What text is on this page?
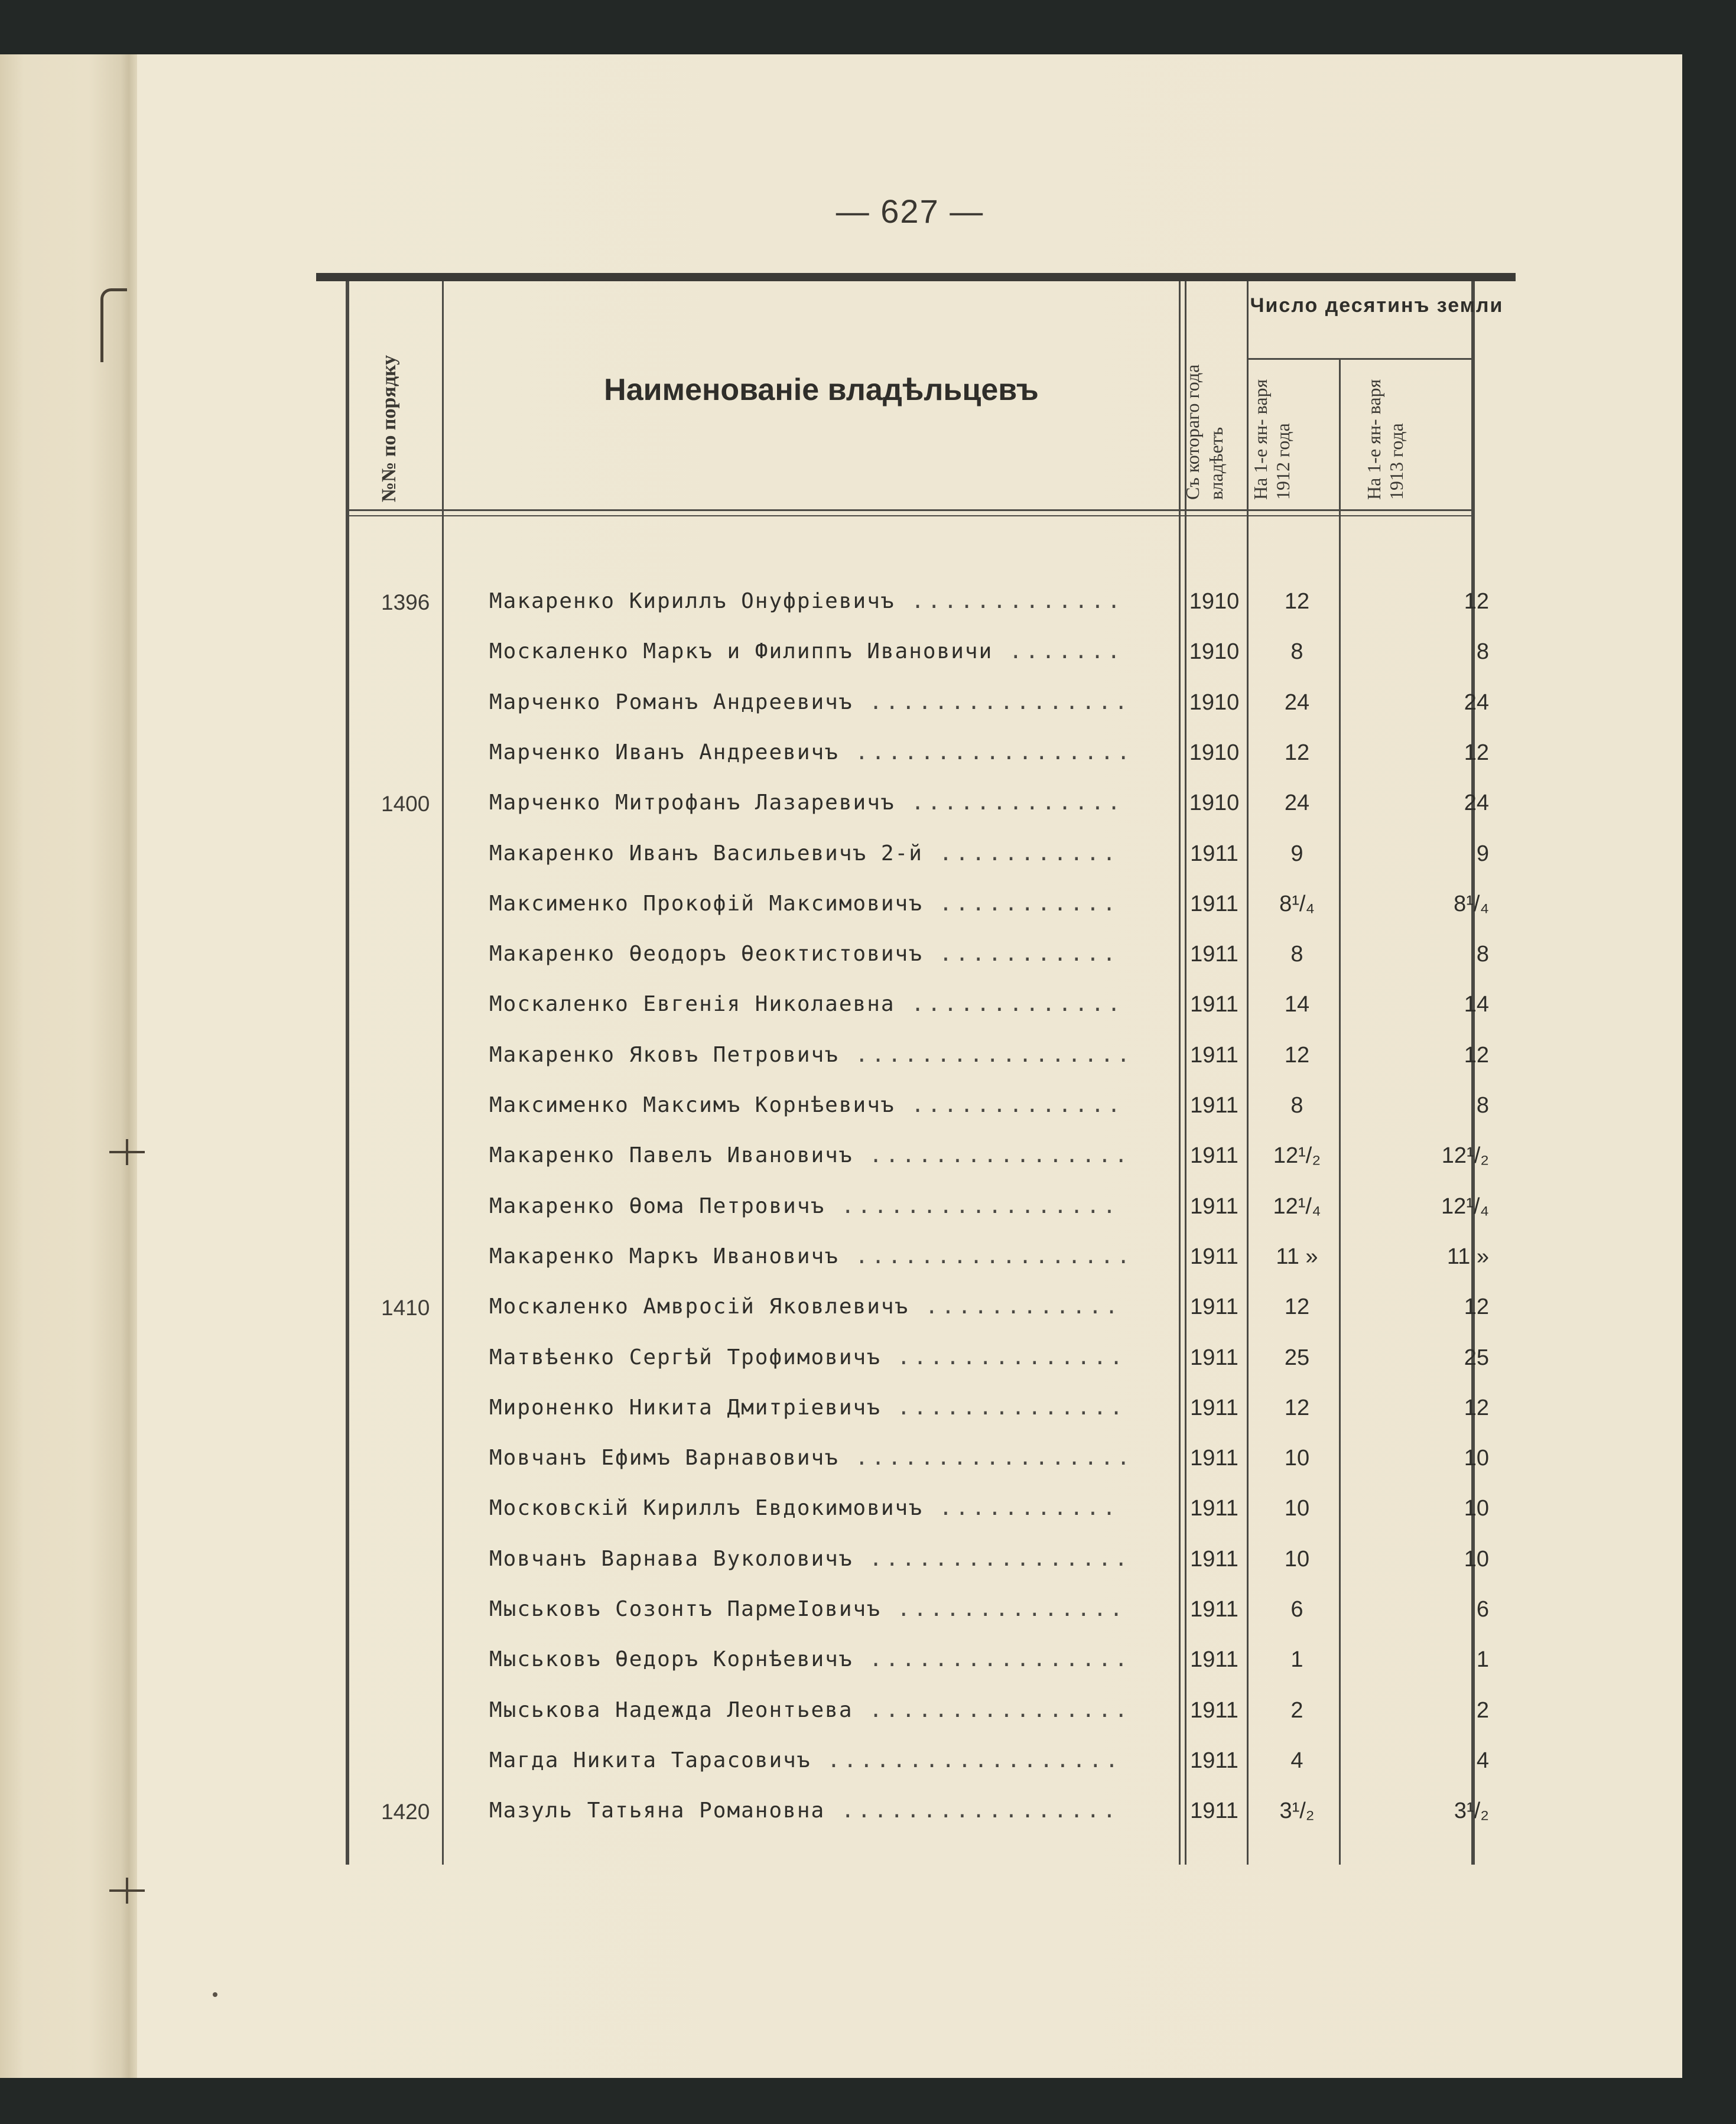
— 627 —
№№ по порядку	Наименованіе владѣльцевъ	Съ котораго года владѣетъ
Число десятинъ земли
На 1-е ян- варя 1912 года	На 1-е ян- варя 1913 года
1396	Макаренко Кириллъ Онуфріевичъ .............	1910	12	12
Москаленко Маркъ и Филиппъ Ивановичи .......	1910	8	8
Марченко Романъ Андреевичъ ................	1910	24	24
Марченко Иванъ Андреевичъ .................	1910	12	12
1400	Марченко Митрофанъ Лазаревичъ .............	1910	24	24
Макаренко Иванъ Васильевичъ 2-й ...........	1911	9	9
Максименко Прокофій Максимовичъ ...........	1911	8¹/₄	8¹/₄
Макаренко Ѳеодоръ Ѳеоктистовичъ ...........	1911	8	8
Москаленко Евгенія Николаевна .............	1911	14	14
Макаренко Яковъ Петровичъ .................	1911	12	12
Максименко Максимъ Корнѣевичъ .............	1911	8	8
Макаренко Павелъ Ивановичъ ................	1911	12¹/₂	12¹/₂
Макаренко Ѳома Петровичъ .................	1911	12¹/₄	12¹/₄
Макаренко Маркъ Ивановичъ .................	1911	11 »	11 »
1410	Москаленко Амвросій Яковлевичъ ............	1911	12	12
Матвѣенко Сергѣй Трофимовичъ ..............	1911	25	25
Мироненко Никита Дмитріевичъ ..............	1911	12	12
Мовчанъ Ефимъ Варнавовичъ .................	1911	10	10
Московскій Кириллъ Евдокимовичъ ...........	1911	10	10
Мовчанъ Варнава Вуколовичъ ................	1911	10	10
Мыськовъ Созонтъ ПармеIовичъ ..............	1911	6	6
Мыськовъ Ѳедоръ Корнѣевичъ ................	1911	1	1
Мыськова Надежда Леонтьева ................	1911	2	2
Магда Никита Тарасовичъ ..................	1911	4	4
1420	Мазуль Татьяна Романовна .................	1911	3¹/₂	3¹/₂
